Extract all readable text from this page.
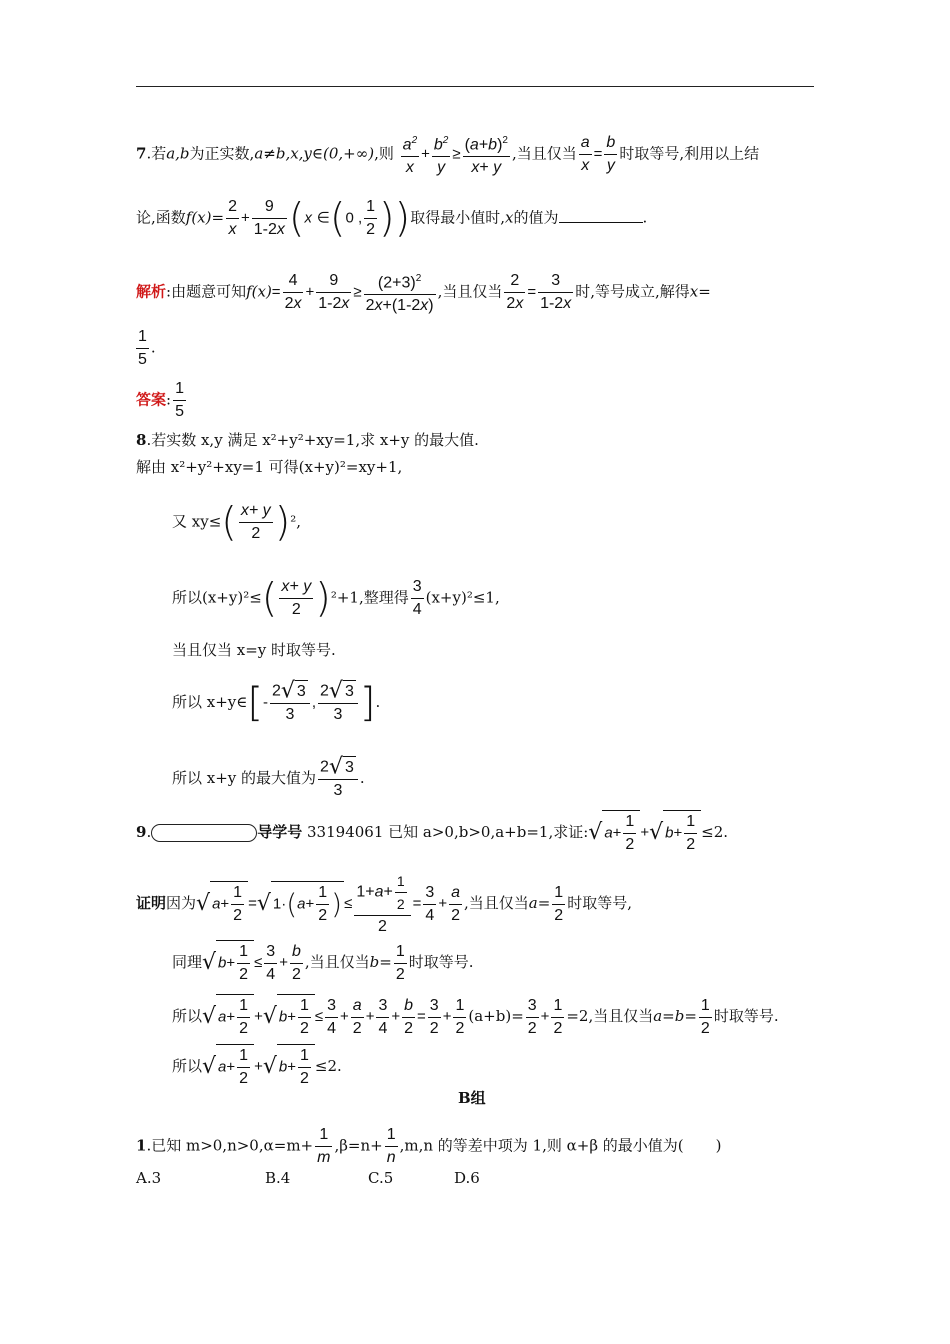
7.若a,b为正实数,a≠b,x,y∈(0,+∞),则 $\frac{a^2}{x} + \frac{b^2}{y} \ge \frac{(a+b)^2}{x+ y}$ ,当且仅当 $\frac{a}{x} = \frac{b}{y}$ 时取等号,利用以上结
论,函数$f(x)= \frac{2}{x} + \frac{9}{1-2x} (x$ ∈(0 , $\frac{1}{2}$ ))取得最小值时,x的值为	.
解析:由题意可知$f(x)= \frac{4}{2x} + \frac{9}{1-2x} \ge \frac{(2+3)^2}{2x+(1-2x)}$ ,当且仅当 $\frac{2}{2x} = \frac{3}{1-2x}$ 时,等号成立,解得x=
$\frac{1}{5}$ .
答案: $\frac{1}{5}$
8.若实数 x,y 满足 x²+y²+xy=1,求 x+y 的最大值.
解由 x²+y²+xy=1 可得(x+y)²=xy+1,
又 $xy\le( \frac{x+ y}{2} )^2$,
所以$(x+y)^2\le( \frac{x+ y}{2} )^2+1$,整理得 $\frac{3}{4} (x+y)^2\le 1$,
当且仅当 x=y 时取等号.
所以 x+y∈[- $\frac{2√ 3}{3}$ , $\frac{2√ 3}{3}$ ].
所以 x+y 的最大值为 $\frac{2√ 3}{3}$ .
9.	导学号 33194061 已知 a>0,b>0,a+b=1,求证:√ $a+ \frac{1}{2}$ +√ $b+ \frac{1}{2} \le 2$.
证明因为√ $a+ \frac{1}{2}$ =√ $1\cdot(a+ \frac{1}{2}$ ) ≤ $\frac{1+a+ \frac{1}{2}}{2} = \frac{3}{4} + \frac{a}{2}$ ,当且仅当$a= \frac{1}{2}$ 时取等号,
同理√ $b+ \frac{1}{2} \le \frac{3}{4} + \frac{b}{2}$ ,当且仅当$b= \frac{1}{2}$ 时取等号.
所以√ $a+ \frac{1}{2}$ +√ $b+ \frac{1}{2} \le \frac{3}{4} + \frac{a}{2} + \frac{3}{4} + \frac{b}{2} = \frac{3}{2} + \frac{1}{2} (a+b)= \frac{3}{2} + \frac{1}{2} =2$,当且仅当$a=b= \frac{1}{2}$ 时取等号.
所以√ $a+ \frac{1}{2}$ +√ $b+ \frac{1}{2} \le 2$.
B组
1.已知 $m>0,n>0,\alpha=m+ \frac{1}{m} ,\beta=n+ \frac{1}{n} ,m,n$ 的等差中项为 1,则 α+β 的最小值为( )
A.3	B.4	C.5	D.6
